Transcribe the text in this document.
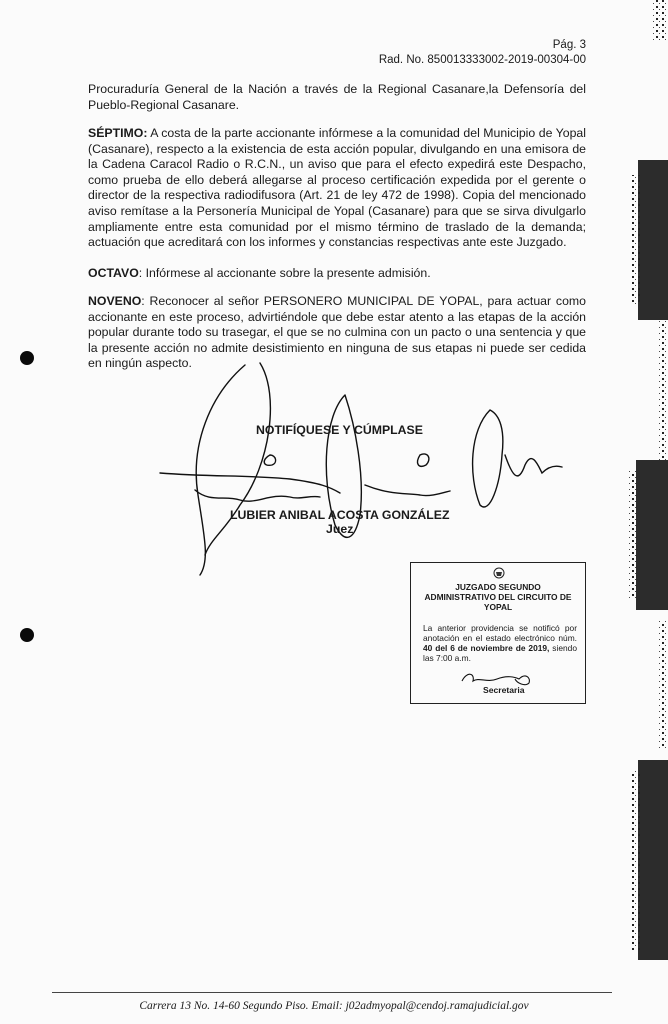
Pág. 3
Rad. No. 850013333002-2019-00304-00
Procuraduría General de la Nación a través de la Regional Casanare,la Defensoría del Pueblo-Regional Casanare.
SÉPTIMO: A costa de la parte accionante infórmese a la comunidad del Municipio de Yopal (Casanare), respecto a la existencia de esta acción popular, divulgando en una emisora de la Cadena Caracol Radio o R.C.N., un aviso que para el efecto expedirá este Despacho, como prueba de ello deberá allegarse al proceso certificación expedida por el gerente o director de la respectiva radiodifusora (Art. 21 de ley 472 de 1998). Copia del mencionado aviso remítase a la Personería Municipal de Yopal (Casanare) para que se sirva divulgarlo ampliamente entre esta comunidad por el mismo término de traslado de la demanda; actuación que acreditará con los informes y constancias respectivas ante este Juzgado.
OCTAVO: Infórmese al accionante sobre la presente admisión.
NOVENO: Reconocer al señor PERSONERO MUNICIPAL DE YOPAL, para actuar como accionante en este proceso, advirtiéndole que debe estar atento a las etapas de la acción popular durante todo su trasegar, el que se no culmina con un pacto o una sentencia y que la presente acción no admite desistimiento en ninguna de sus etapas ni puede ser cedida en ningún aspecto.
NOTIFÍQUESE Y CÚMPLASE
LUBIER ANIBAL ACOSTA GONZÁLEZ
Juez
JUZGADO SEGUNDO
ADMINISTRATIVO DEL CIRCUITO DE
YOPAL
La anterior providencia se notificó por anotación en el estado electrónico núm. 40 del 6 de noviembre de 2019, siendo las 7:00 a.m.
Secretaria
Carrera 13 No. 14-60 Segundo Piso. Email: j02admyopal@cendoj.ramajudicial.gov
